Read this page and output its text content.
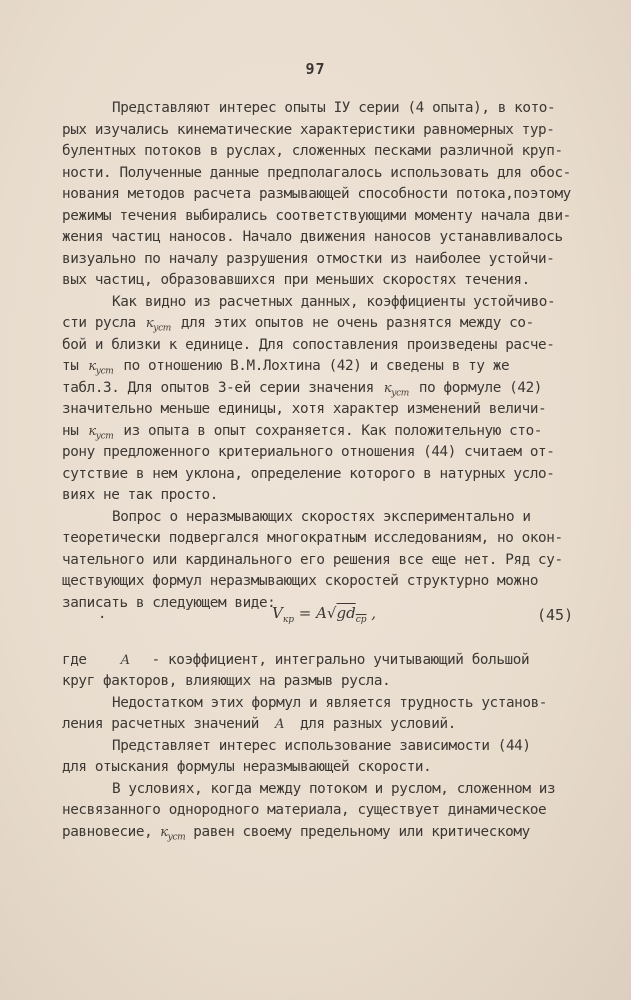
97
Представляют интерес опыты IУ серии (4 опыта), в кото-
рых изучались кинематические характеристики равномерных тур-
булентных потоков в руслах, сложенных песками различной круп-
ности. Полученные данные предполагалось использовать для обос-
нования методов расчета размывающей способности потока,поэтому
режимы течения выбирались соответствующими моменту начала дви-
жения частиц наносов. Начало движения наносов устанавливалось
визуально по началу разрушения отмостки из наиболее устойчи-
вых частиц, образовавшихся при меньших скоростях течения.
Как видно из расчетных данных, коэффициенты устойчиво-
сти русла $к_{уст}$ для этих опытов не очень разнятся между со-
бой и близки к единице. Для сопоставления произведены расче-
ты $к_{уст}$ по отношению В.М.Лохтина (42) и сведены в ту же
табл.3. Для опытов 3-ей серии значения $к_{уст}$ по формуле (42)
значительно меньше единицы, хотя характер изменений величи-
ны $к_{уст}$ из опыта в опыт сохраняется. Как положительную сто-
рону предложенного критериального отношения (44) считаем от-
сутствие в нем уклона, определение которого в натурных усло-
виях не так просто.
Вопрос о неразмывающих скоростях экспериментально и
теоретически подвергался многократным исследованиям, но окон-
чательного или кардинального его решения все еще нет. Ряд су-
ществующих формул неразмывающих скоростей структурно можно
записать в следующем виде:
·	$V_{кр} = A√gd_{ср}$ ,	(45)
где	A - коэффициент, интегрально учитывающий большой
круг факторов, влияющих на размыв русла.
Недостатком этих формул и является трудность установ-
ления расчетных значений A для разных условий.
Представляет интерес использование зависимости (44)
для отыскания формулы неразмывающей скорости.
В условиях, когда между потоком и руслом, сложенном из
несвязанного однородного материала, существует динамическое
равновесие, $к_{уст}$ равен своему предельному или критическому
